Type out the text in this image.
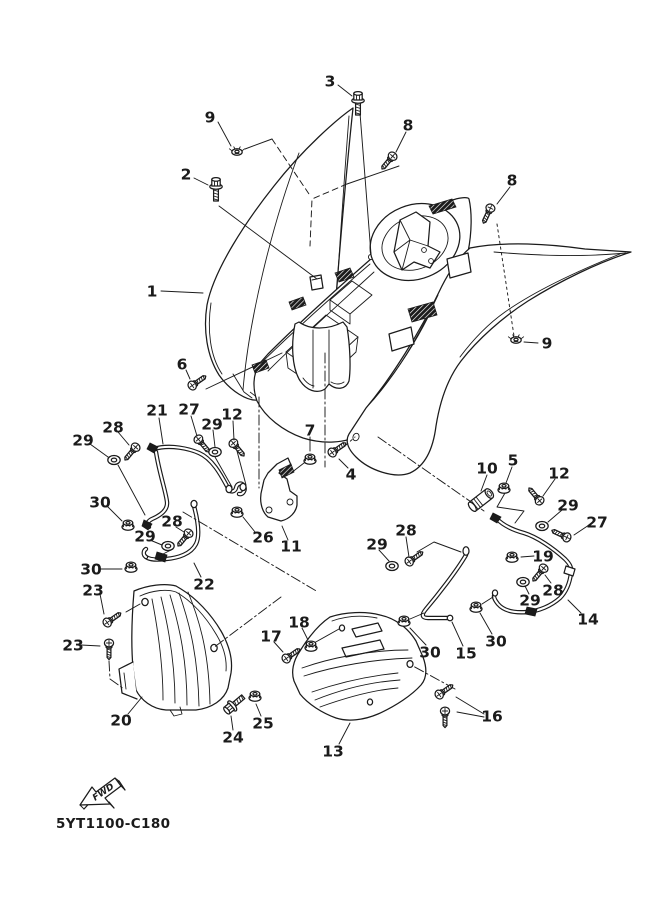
3
9	8
2	8
9
1
6
21 27
29
12
28
29
7
4
30
28
29	26 11
30
22
23
23
20
24
25
17
18
13
16
30 15
30
10 5
12
29
27
28
29
19
28
29
14
FWD
5YT1100-C180
